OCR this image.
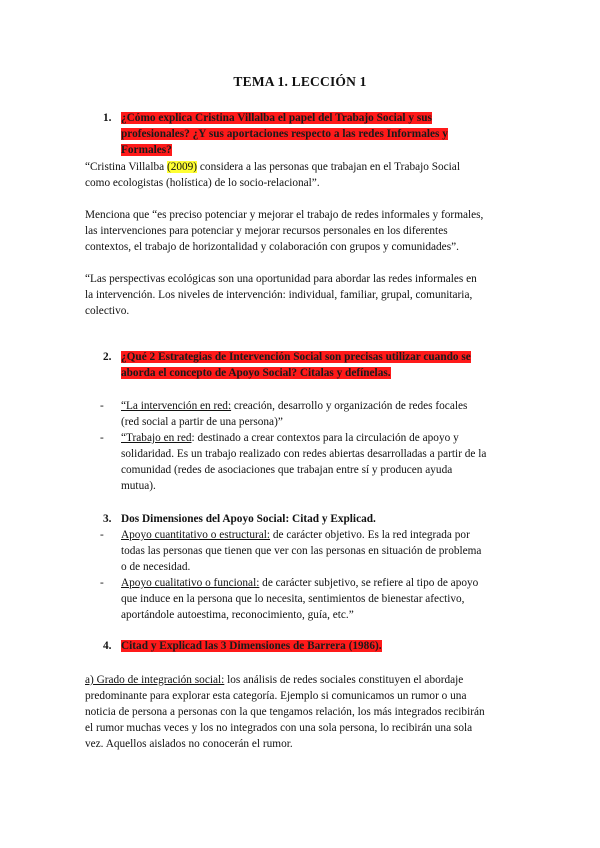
TEMA 1. LECCIÓN 1
1. ¿Cómo explica Cristina Villalba el papel del Trabajo Social y sus
profesionales? ¿Y sus aportaciones respecto a las redes Informales y
Formales?
“Cristina Villalba (2009) considera a las personas que trabajan en el Trabajo Social
como ecologistas (holística) de lo socio-relacional”.
Menciona que “es preciso potenciar y mejorar el trabajo de redes informales y formales,
las intervenciones para potenciar y mejorar recursos personales en los diferentes
contextos, el trabajo de horizontalidad y colaboración con grupos y comunidades”.
“Las perspectivas ecológicas son una oportunidad para abordar las redes informales en
la intervención. Los niveles de intervención: individual, familiar, grupal, comunitaria,
colectivo.
2. ¿Qué 2 Estrategias de Intervención Social son precisas utilizar cuando se
aborda el concepto de Apoyo Social? Citalas y defínelas.
- “La intervención en red: creación, desarrollo y organización de redes focales
(red social a partir de una persona)”
- “Trabajo en red: destinado a crear contextos para la circulación de apoyo y
solidaridad. Es un trabajo realizado con redes abiertas desarrolladas a partir de la
comunidad (redes de asociaciones que trabajan entre sí y producen ayuda
mutua).
3. Dos Dimensiones del Apoyo Social: Citad y Explicad.
- Apoyo cuantitativo o estructural: de carácter objetivo. Es la red integrada por
todas las personas que tienen que ver con las personas en situación de problema
o de necesidad.
- Apoyo cualitativo o funcional: de carácter subjetivo, se refiere al tipo de apoyo
que induce en la persona que lo necesita, sentimientos de bienestar afectivo,
aportándole autoestima, reconocimiento, guía, etc.”
4. Citad y Explicad las 3 Dimensiones de Barrera (1986).
a) Grado de integración social: los análisis de redes sociales constituyen el abordaje
predominante para explorar esta categoría. Ejemplo si comunicamos un rumor o una
noticia de persona a personas con la que tengamos relación, los más integrados recibirán
el rumor muchas veces y los no integrados con una sola persona, lo recibirán una sola
vez. Aquellos aislados no conocerán el rumor.
